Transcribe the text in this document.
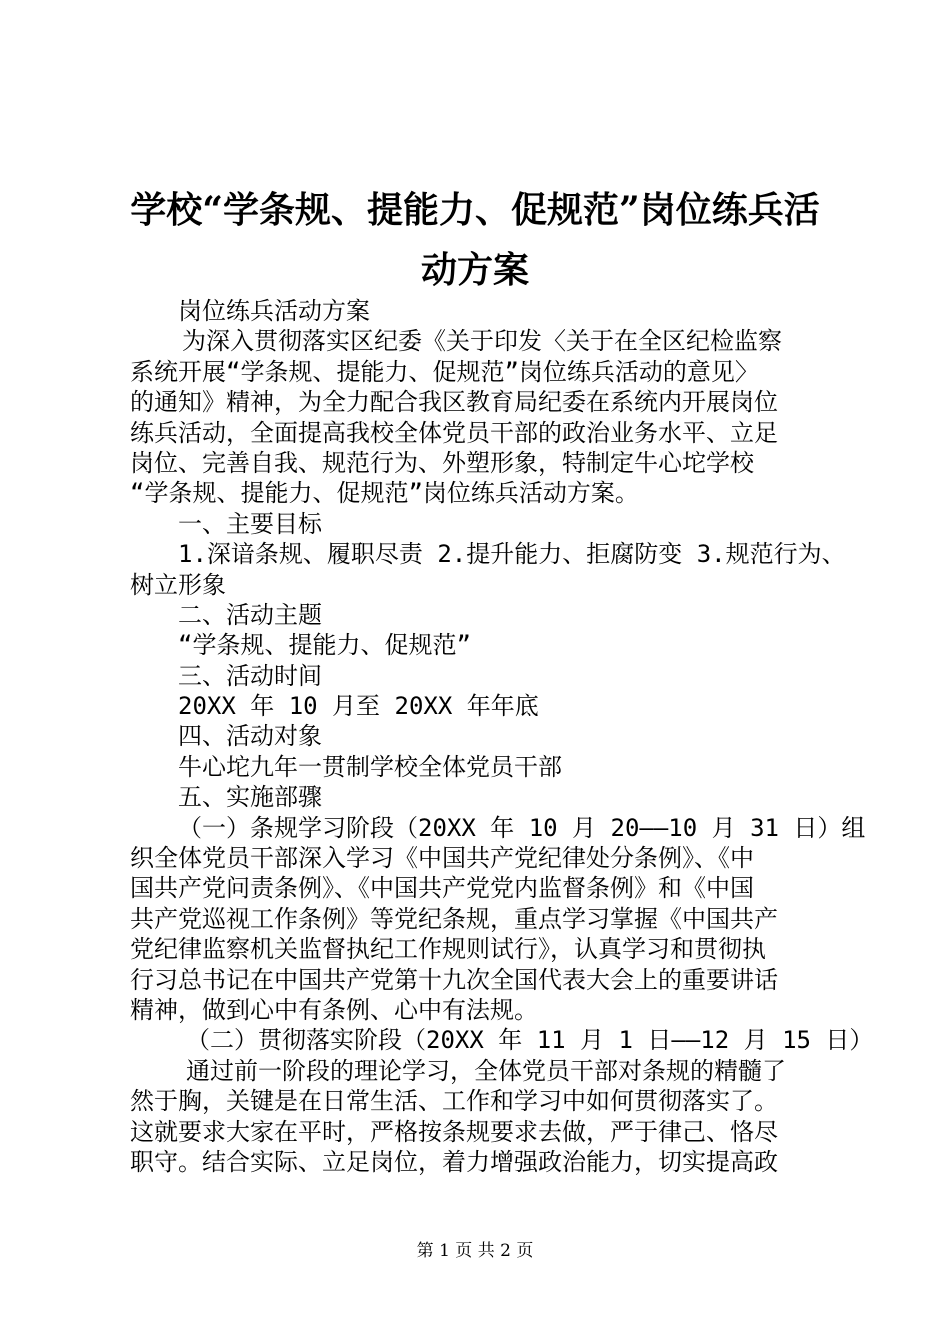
学校“学条规、提能力、促规范”岗位练兵活
动方案
岗位练兵活动方案
为深入贯彻落实区纪委《关于印发〈关于在全区纪检监察
系统开展“学条规、提能力、促规范”岗位练兵活动的意见〉
的通知》精神，为全力配合我区教育局纪委在系统内开展岗位
练兵活动，全面提高我校全体党员干部的政治业务水平、立足
岗位、完善自我、规范行为、外塑形象，特制定牛心坨学校
“学条规、提能力、促规范”岗位练兵活动方案。
一、主要目标
1.深谙条规、履职尽责 2.提升能力、拒腐防变 3.规范行为、
树立形象
二、活动主题
“学条规、提能力、促规范”
三、活动时间
20XX 年 10 月至 20XX 年年底
四、活动对象
牛心坨九年一贯制学校全体党员干部
五、实施部骤
（一）条规学习阶段（20XX 年 10 月 20——10 月 31 日）组
织全体党员干部深入学习《中国共产党纪律处分条例》、《中
国共产党问责条例》、《中国共产党党内监督条例》和《中国
共产党巡视工作条例》等党纪条规，重点学习掌握《中国共产
党纪律监察机关监督执纪工作规则试行》，认真学习和贯彻执
行习总书记在中国共产党第十九次全国代表大会上的重要讲话
精神，做到心中有条例、心中有法规。
（二）贯彻落实阶段（20XX 年 11 月 1 日——12 月 15 日）
通过前一阶段的理论学习，全体党员干部对条规的精髓了
然于胸，关键是在日常生活、工作和学习中如何贯彻落实了。
这就要求大家在平时，严格按条规要求去做，严于律己、恪尽
职守。结合实际、立足岗位，着力增强政治能力，切实提高政
第 1 页 共 2 页
